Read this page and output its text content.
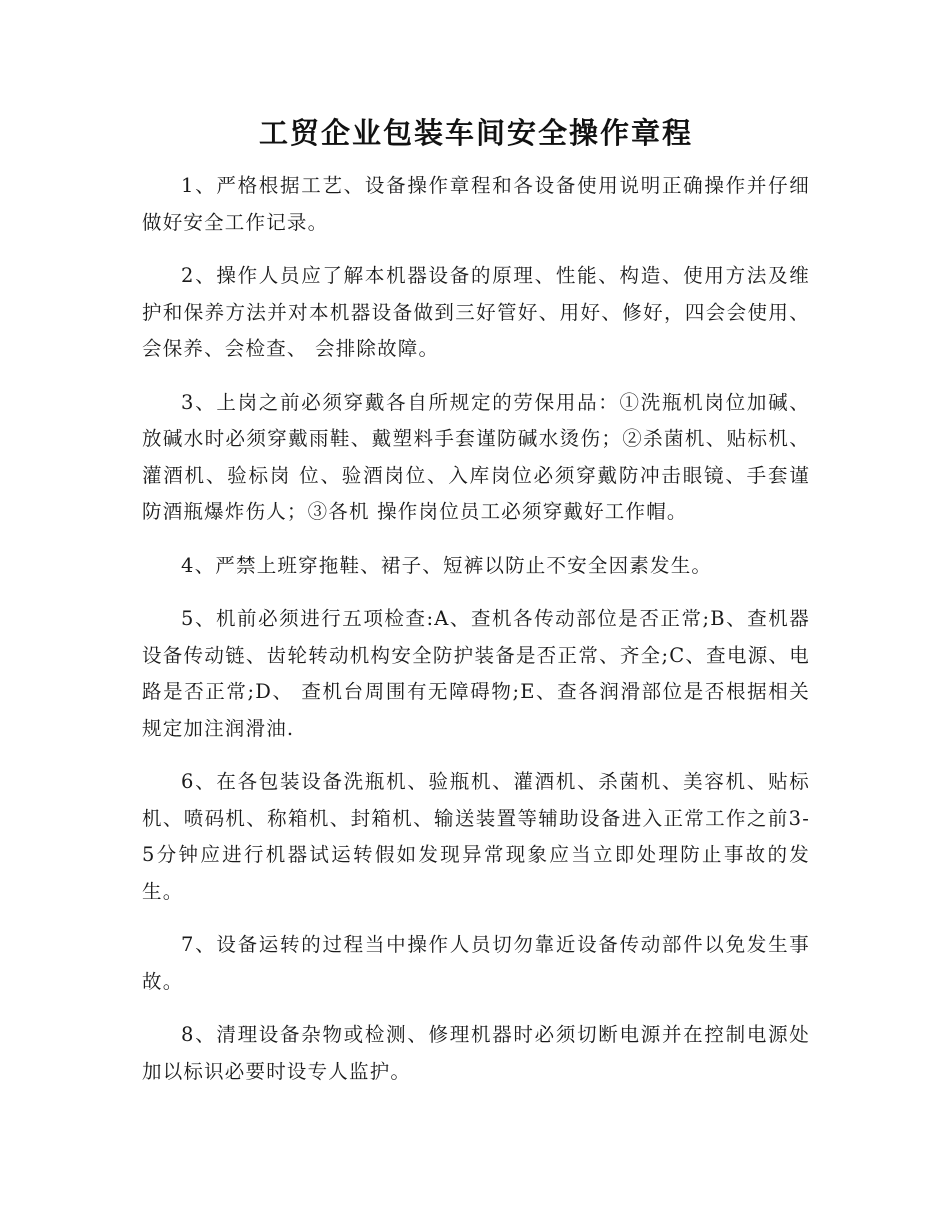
工贸企业包装车间安全操作章程

1、严格根据工艺、设备操作章程和各设备使用说明正确操作并仔细做好安全工作记录。

2、操作人员应了解本机器设备的原理、性能、构造、使用方法及维护和保养方法并对本机器设备做到三好管好、用好、修好，四会会使用、会保养、会检查、 会排除故障。

3、上岗之前必须穿戴各自所规定的劳保用品：①洗瓶机岗位加碱、放碱水时必须穿戴雨鞋、戴塑料手套谨防碱水烫伤；②杀菌机、贴标机、灌酒机、验标岗 位、验酒岗位、入库岗位必须穿戴防冲击眼镜、手套谨防酒瓶爆炸伤人；③各机 操作岗位员工必须穿戴好工作帽。

4、严禁上班穿拖鞋、裙子、短裤以防止不安全因素发生。

5、机前必须进行五项检查:A、查机各传动部位是否正常;B、查机器设备传动链、齿轮转动机构安全防护装备是否正常、齐全;C、查电源、电路是否正常;D、 查机台周围有无障碍物;E、查各润滑部位是否根据相关规定加注润滑油.

6、在各包装设备洗瓶机、验瓶机、灌酒机、杀菌机、美容机、贴标机、喷码机、称箱机、封箱机、输送装置等辅助设备进入正常工作之前3-5分钟应进行机器试运转假如发现异常现象应当立即处理防止事故的发生。

7、设备运转的过程当中操作人员切勿靠近设备传动部件以免发生事故。

8、清理设备杂物或检测、修理机器时必须切断电源并在控制电源处加以标识必要时设专人监护。
